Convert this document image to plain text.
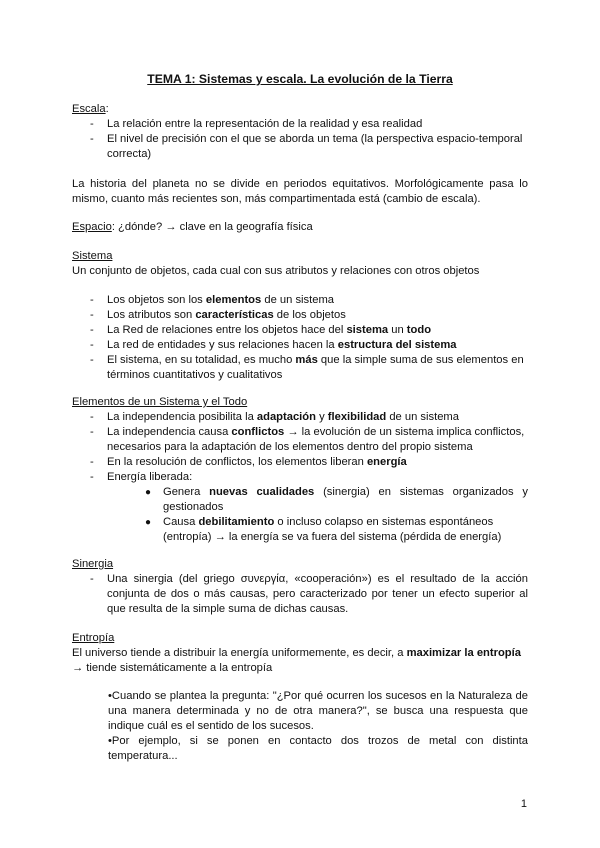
TEMA 1: Sistemas y escala. La evolución de la Tierra

Escala:

- La relación entre la representación de la realidad y esa realidad
- El nivel de precisión con el que se aborda un tema (la perspectiva espacio-temporal correcta)

La historia del planeta no se divide en periodos equitativos. Morfológicamente pasa lo mismo, cuanto más recientes son, más compartimentada está (cambio de escala).

Espacio: ¿dónde? → clave en la geografía física

Sistema

Un conjunto de objetos, cada cual con sus atributos y relaciones con otros objetos

- Los objetos son los elementos de un sistema
- Los atributos son características de los objetos
- La Red de relaciones entre los objetos hace del sistema un todo
- La red de entidades y sus relaciones hacen la estructura del sistema
- El sistema, en su totalidad, es mucho más que la simple suma de sus elementos en términos cuantitativos y cualitativos

Elementos de un Sistema y el Todo

- La independencia posibilita la adaptación y flexibilidad de un sistema
- La independencia causa conflictos → la evolución de un sistema implica conflictos, necesarios para la adaptación de los elementos dentro del propio sistema
- En la resolución de conflictos, los elementos liberan energía
- Energía liberada:
● Genera nuevas cualidades (sinergia) en sistemas organizados y gestionados
● Causa debilitamiento o incluso colapso en sistemas espontáneos (entropía) → la energía se va fuera del sistema (pérdida de energía)

Sinergia

- Una sinergia (del griego συνεργία, «cooperación») es el resultado de la acción conjunta de dos o más causas, pero caracterizado por tener un efecto superior al que resulta de la simple suma de dichas causas.

Entropía

El universo tiende a distribuir la energía uniformemente, es decir, a maximizar la entropía → tiende sistemáticamente a la entropía

•Cuando se plantea la pregunta: "¿Por qué ocurren los sucesos en la Naturaleza de una manera determinada y no de otra manera?", se busca una respuesta que indique cuál es el sentido de los sucesos.

•Por ejemplo, si se ponen en contacto dos trozos de metal con distinta temperatura...

1
